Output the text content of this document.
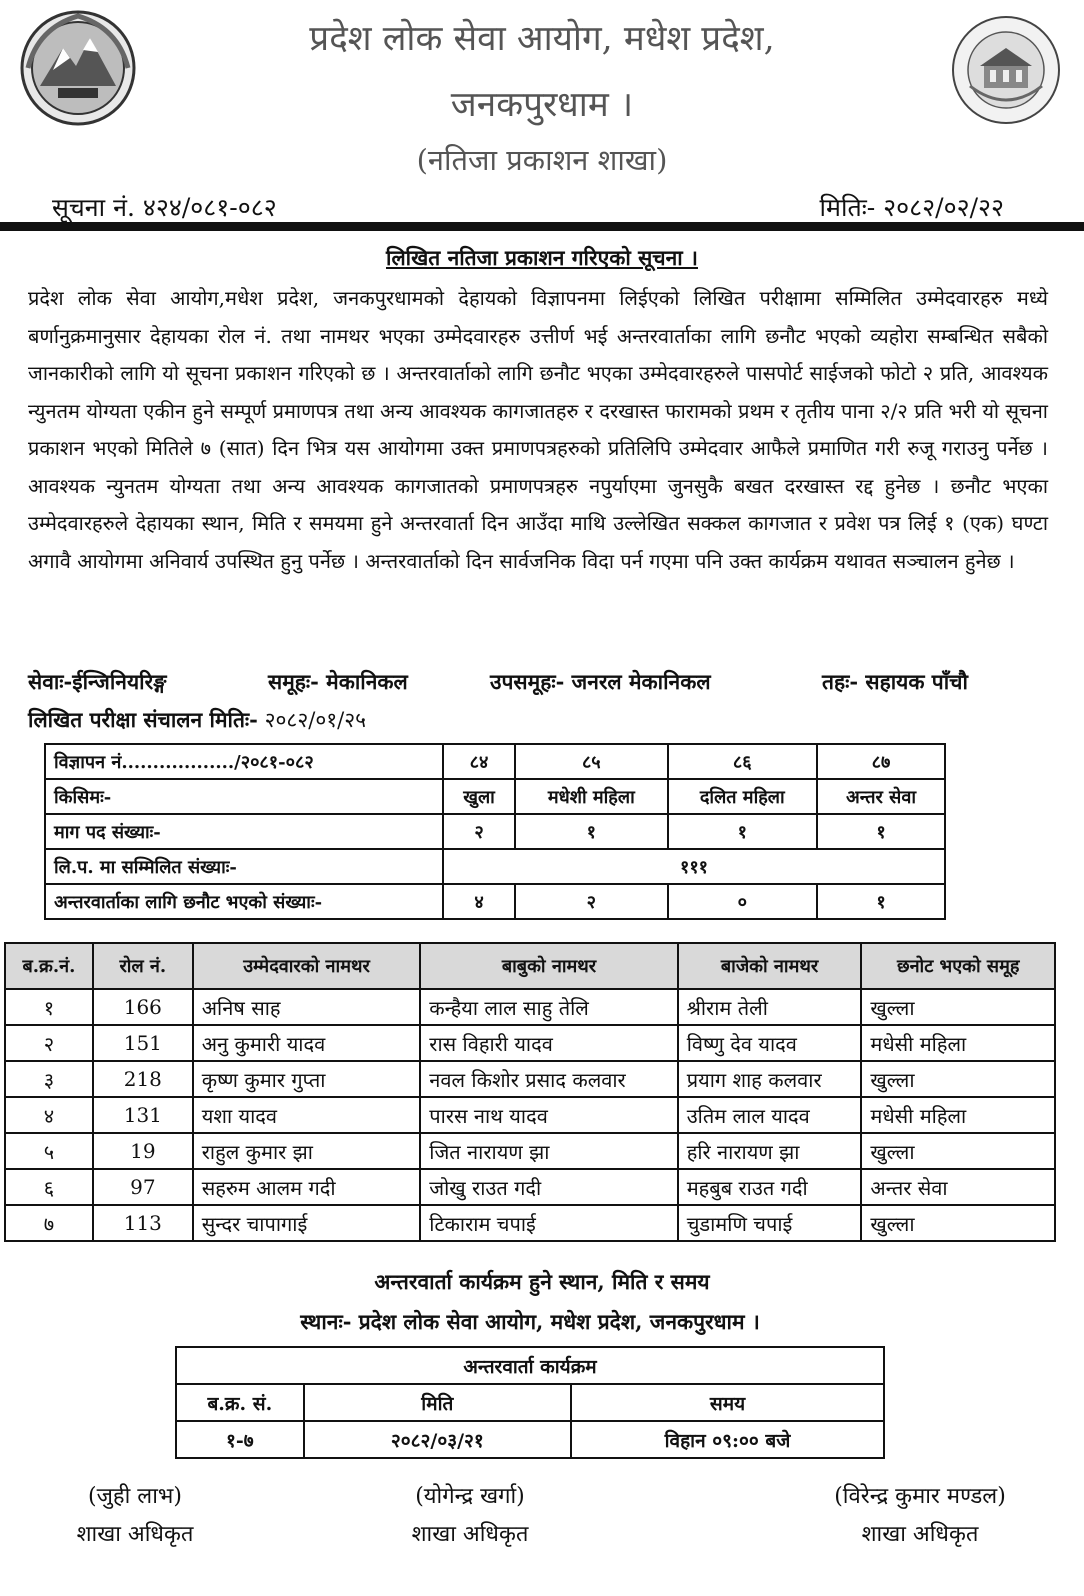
प्रदेश लोक सेवा आयोग, मधेश प्रदेश,
जनकपुरधाम ।
(नतिजा प्रकाशन शाखा)
सूचना नं. ४२४/०८१-०८२	मितिः- २०८२/०२/२२
लिखित नतिजा प्रकाशन गरिएको सूचना ।

प्रदेश लोक सेवा आयोग,मधेश प्रदेश, जनकपुरधामको देहायको विज्ञापनमा लिईएको लिखित परीक्षामा सम्मिलित उम्मेदवारहरु मध्ये बर्णानुक्रमानुसार देहायका रोल नं. तथा नामथर भएका उम्मेदवारहरु उत्तीर्ण भई अन्तरवार्ताका लागि छनौट भएको व्यहोरा सम्बन्धित सबैको जानकारीको लागि यो सूचना प्रकाशन गरिएको छ । अन्तरवार्ताको लागि छनौट भएका उम्मेदवारहरुले पासपोर्ट साईजको फोटो २ प्रति, आवश्यक न्युनतम योग्यता एकीन हुने सम्पूर्ण प्रमाणपत्र तथा अन्य आवश्यक कागजातहरु र दरखास्त फारामको प्रथम र तृतीय पाना २/२ प्रति भरी यो सूचना प्रकाशन भएको मितिले ७ (सात) दिन भित्र यस आयोगमा उक्त प्रमाणपत्रहरुको प्रतिलिपि उम्मेदवार आफैले प्रमाणित गरी रुजू गराउनु पर्नेछ । आवश्यक न्युनतम योग्यता तथा अन्य आवश्यक कागजातको प्रमाणपत्रहरु नपुर्याएमा जुनसुकै बखत दरखास्त रद्द हुनेछ । छनौट भएका उम्मेदवारहरुले देहायका स्थान, मिति र समयमा हुने अन्तरवार्ता दिन आउँदा माथि उल्लेखित सक्कल कागजात र प्रवेश पत्र लिई १ (एक) घण्टा अगावै आयोगमा अनिवार्य उपस्थित हुनु पर्नेछ । अन्तरवार्ताको दिन सार्वजनिक विदा पर्न गएमा पनि उक्त कार्यक्रम यथावत सञ्चालन हुनेछ ।

सेवाः-ईन्जिनियरिङ्ग	समूहः- मेकानिकल	उपसमूहः- जनरल मेकानिकल	तहः- सहायक पाँचौ
लिखित परीक्षा संचालन मितिः- २०८२/०१/२५
विज्ञापन नं................../२०८१-०८२	८४	८५	८६	८७
किसिमः-	खुला	मधेशी महिला	दलित महिला	अन्तर सेवा
माग पद संख्याः-	२	१	१	१
लि.प. मा सम्मिलित संख्याः-	१११			
अन्तरवार्ताका लागि छनौट भएको संख्याः-	४	२	०	१
ब.क्र.नं.	रोल नं.	उम्मेदवारको नामथर	बाबुको नामथर	बाजेको नामथर	छनोट भएको समूह
१	166	अनिष साह	कन्हैया लाल साहु तेलि	श्रीराम तेली	खुल्ला
२	151	अनु कुमारी यादव	रास विहारी यादव	विष्णु देव यादव	मधेसी महिला
३	218	कृष्ण कुमार गुप्ता	नवल किशोर प्रसाद कलवार	प्रयाग शाह कलवार	खुल्ला
४	131	यशा यादव	पारस नाथ यादव	उतिम लाल यादव	मधेसी महिला
५	19	राहुल कुमार झा	जित नारायण झा	हरि नारायण झा	खुल्ला
६	97	सहरुम आलम गदी	जोखु राउत गदी	महबुब राउत गदी	अन्तर सेवा
७	113	सुन्दर चापागाई	टिकाराम चपाई	चुडामणि चपाई	खुल्ला
अन्तरवार्ता कार्यक्रम हुने स्थान, मिति र समय
स्थानः- प्रदेश लोक सेवा आयोग, मधेश प्रदेश, जनकपुरधाम ।
अन्तरवार्ता कार्यक्रम		
ब.क्र. सं.	मिति	समय
१-७	२०८२/०३/२१	विहान ०९:०० बजे
(जुही लाभ)
शाखा अधिकृत
(योगेन्द्र खर्गा)
शाखा अधिकृत
(विरेन्द्र कुमार मण्डल)
शाखा अधिकृत
